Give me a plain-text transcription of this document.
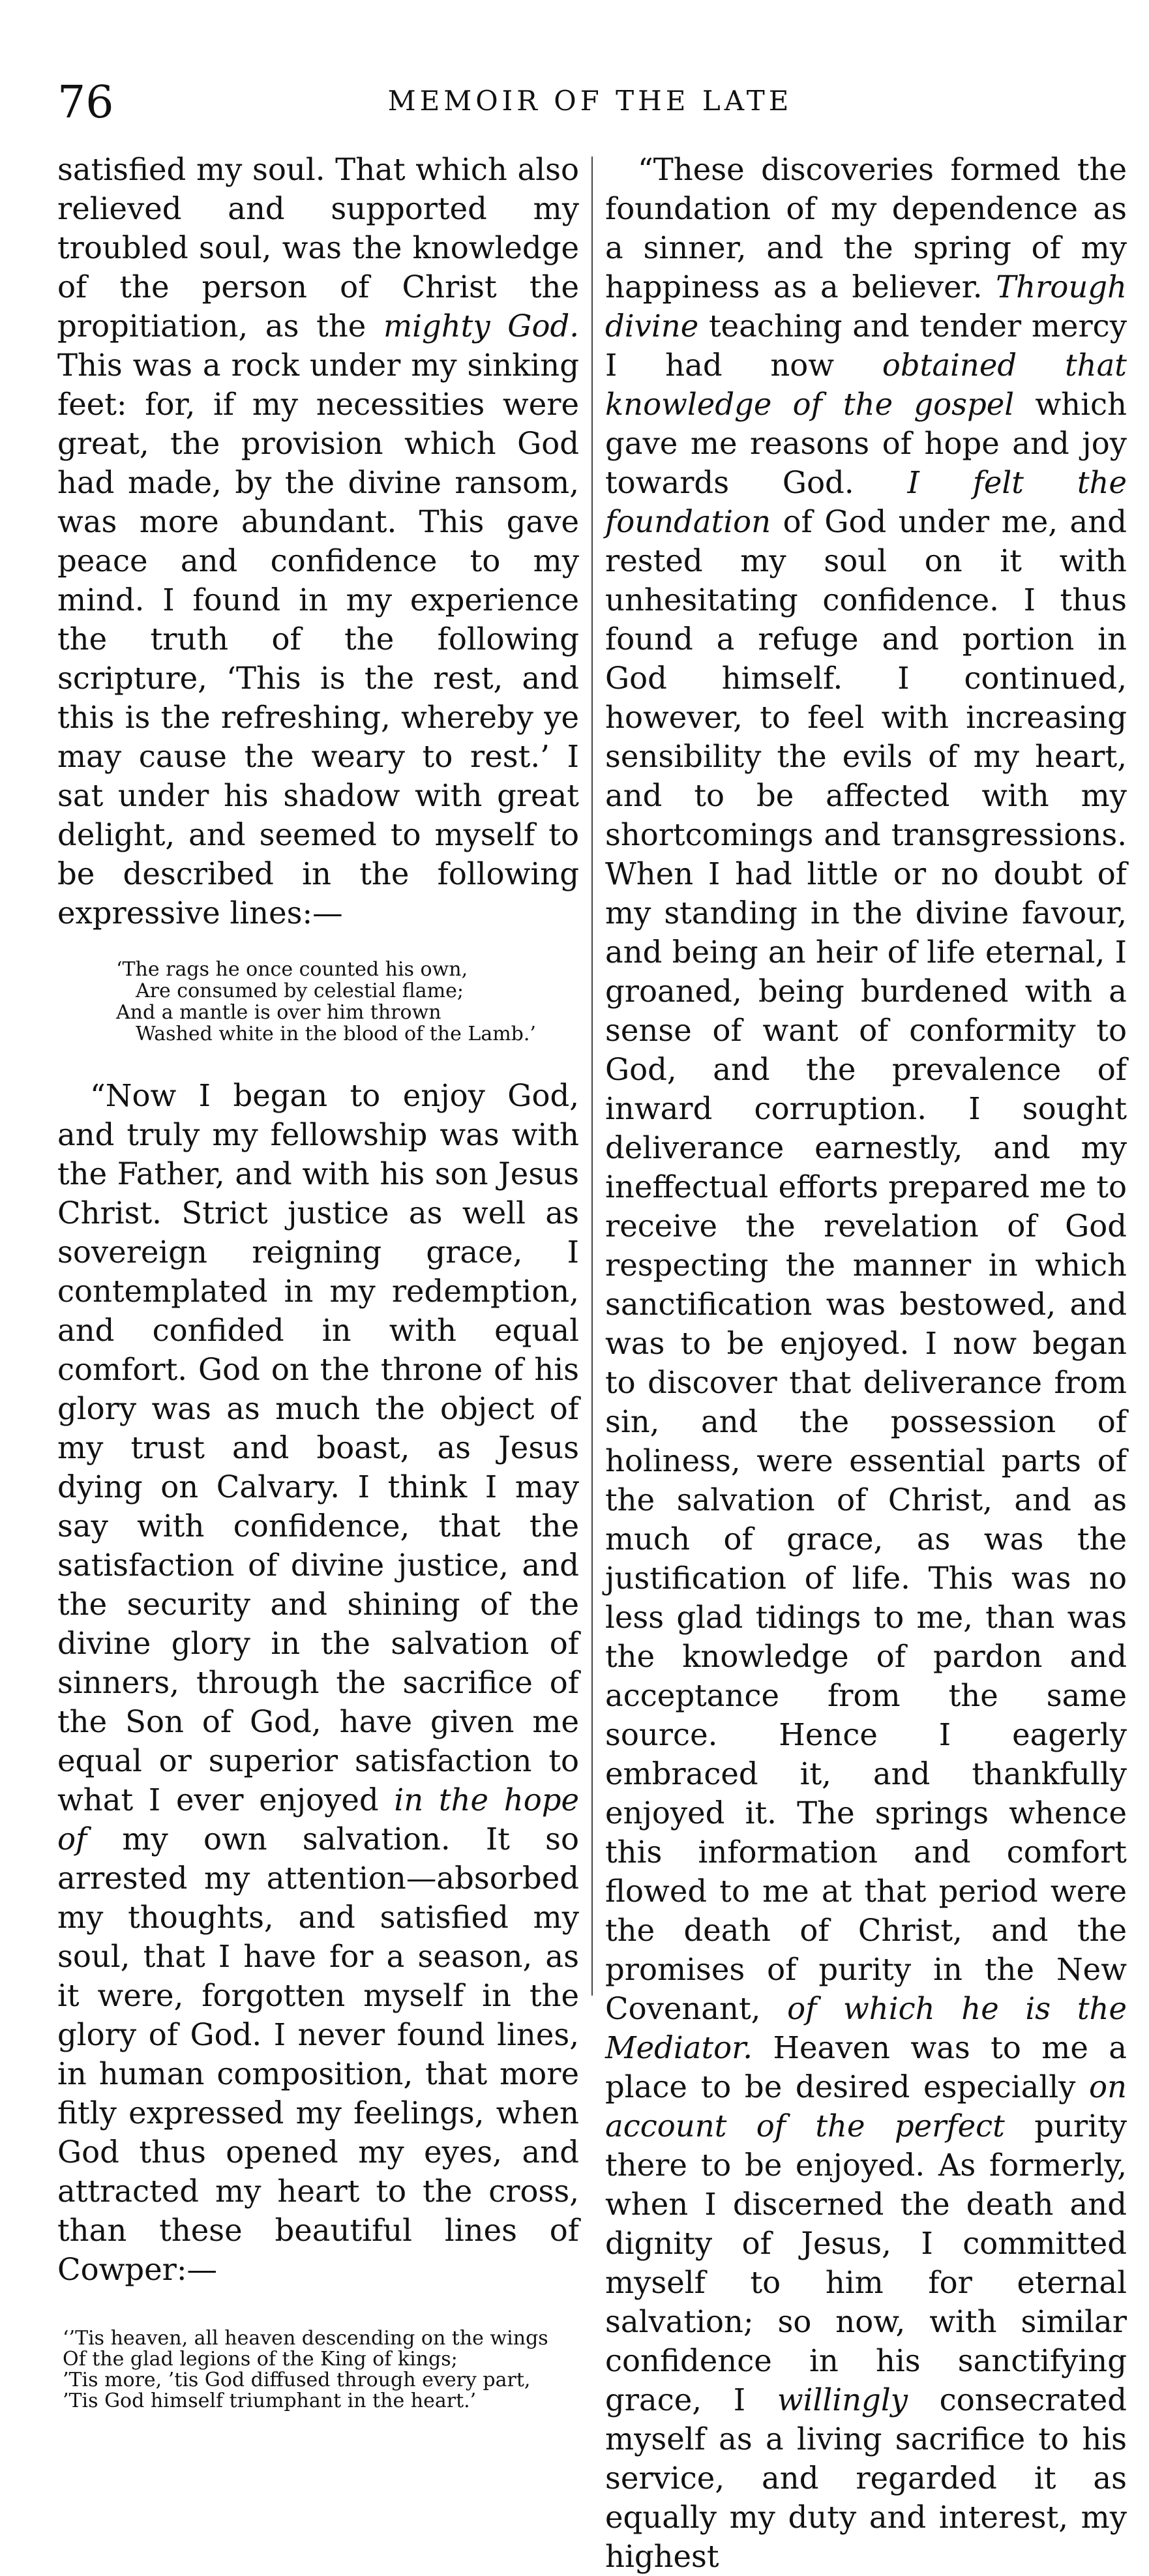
76	MEMOIR OF THE LATE

satisfied my soul. That which also relieved and supported my troubled soul, was the knowledge of the person of Christ the propitiation, as the mighty God. This was a rock under my sinking feet: for, if my necessities were great, the provision which God had made, by the divine ransom, was more abundant. This gave peace and confidence to my mind. I found in my experience the truth of the following scripture, ‘This is the rest, and this is the refreshing, whereby ye may cause the weary to rest.’ I sat under his shadow with great delight, and seemed to myself to be described in the following expressive lines:—

‘The rags he once counted his own,
Are consumed by celestial flame;
And a mantle is over him thrown
Washed white in the blood of the Lamb.’

“Now I began to enjoy God, and truly my fellowship was with the Father, and with his son Jesus Christ. Strict justice as well as sovereign reigning grace, I contemplated in my redemption, and confided in with equal comfort. God on the throne of his glory was as much the object of my trust and boast, as Jesus dying on Calvary. I think I may say with confidence, that the satisfaction of divine justice, and the security and shining of the divine glory in the salvation of sinners, through the sacrifice of the Son of God, have given me equal or superior satisfaction to what I ever enjoyed in the hope of my own salvation. It so arrested my attention—absorbed my thoughts, and satisfied my soul, that I have for a season, as it were, forgotten myself in the glory of God. I never found lines, in human composition, that more fitly expressed my feelings, when God thus opened my eyes, and attracted my heart to the cross, than these beautiful lines of Cowper:—

‘’Tis heaven, all heaven descending on the wings
Of the glad legions of the King of kings;
’Tis more, ’tis God diffused through every part,
’Tis God himself triumphant in the heart.’

“These discoveries formed the foundation of my dependence as a sinner, and the spring of my happiness as a believer. Through divine teaching and tender mercy I had now obtained that knowledge of the gospel which gave me reasons of hope and joy towards God. I felt the foundation of God under me, and rested my soul on it with unhesitating confidence. I thus found a refuge and portion in God himself. I continued, however, to feel with increasing sensibility the evils of my heart, and to be affected with my shortcomings and transgressions. When I had little or no doubt of my standing in the divine favour, and being an heir of life eternal, I groaned, being burdened with a sense of want of conformity to God, and the prevalence of inward corruption. I sought deliverance earnestly, and my ineffectual efforts prepared me to receive the revelation of God respecting the manner in which sanctification was bestowed, and was to be enjoyed. I now began to discover that deliverance from sin, and the possession of holiness, were essential parts of the salvation of Christ, and as much of grace, as was the justification of life. This was no less glad tidings to me, than was the knowledge of pardon and acceptance from the same source. Hence I eagerly embraced it, and thankfully enjoyed it. The springs whence this information and comfort flowed to me at that period were the death of Christ, and the promises of purity in the New Covenant, of which he is the Mediator. Heaven was to me a place to be desired especially on account of the perfect purity there to be enjoyed. As formerly, when I discerned the death and dignity of Jesus, I committed myself to him for eternal salvation; so now, with similar confidence in his sanctifying grace, I willingly consecrated myself as a living sacrifice to his service, and regarded it as equally my duty and interest, my highest
